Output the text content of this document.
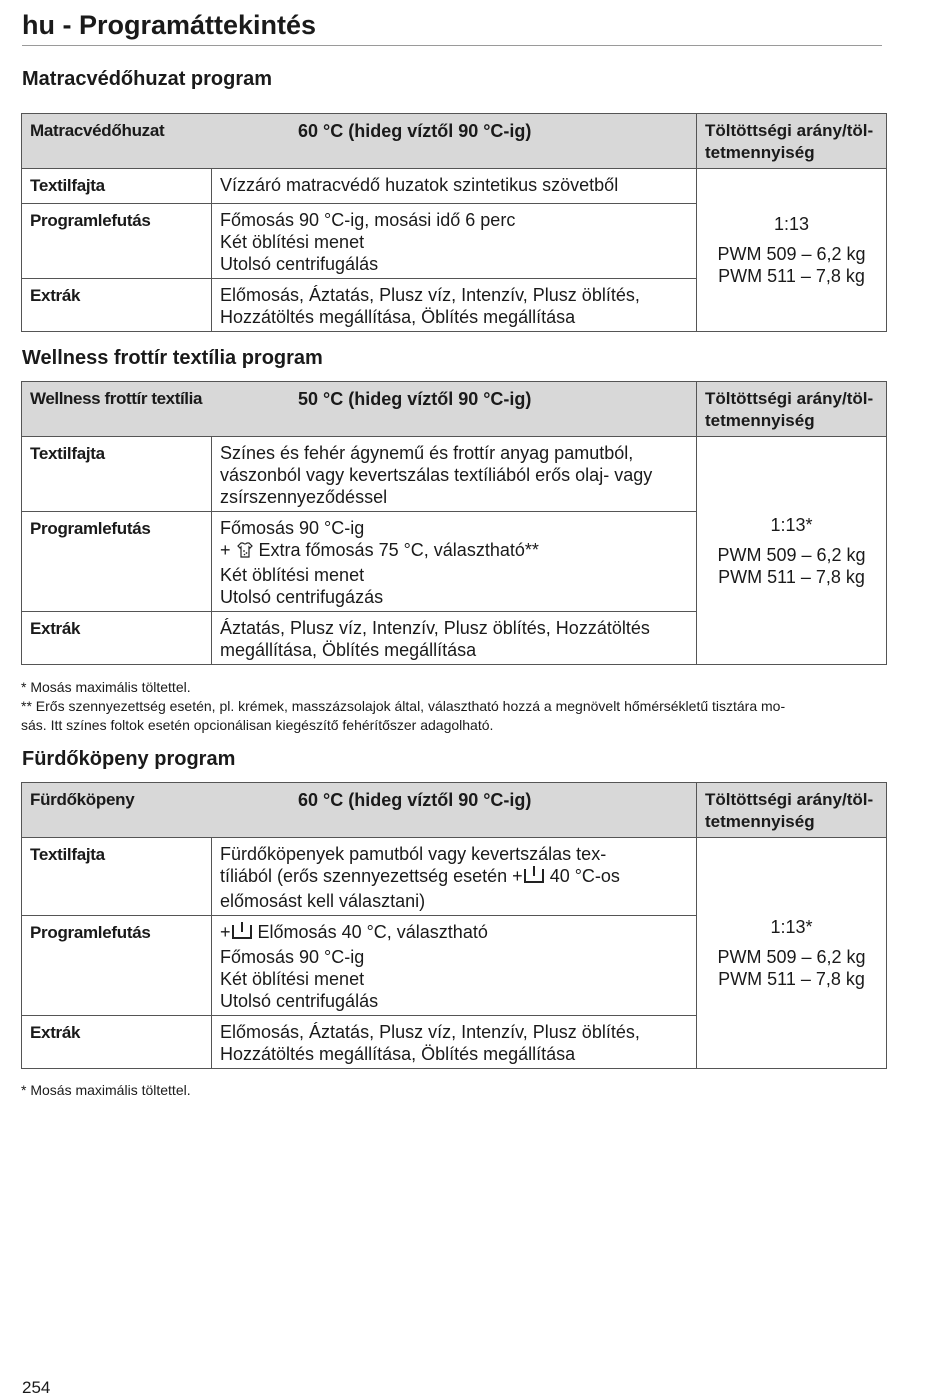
hu - Programáttekintés
Matracvédőhuzat program
Matracvédőhuzat 60 °C (hideg víztől 90 °C-ig)		Töltöttségi arány/töl-tetmennyiség
Textilfajta	Vízzáró matracvédő huzatok szintetikus szövetből	1:13
PWM 509 – 6,2 kg
PWM 511 – 7,8 kg

Programlefutás	Főmosás 90 °C-ig, mosási idő 6 perc
Két öblítési menet
Utolsó centrifugálás	

Extrák	Előmosás, Áztatás, Plusz víz, Intenzív, Plusz öblítés,
Hozzátöltés megállítása, Öblítés megállítása	
Wellness frottír textília program
Wellness frottír textília 50 °C (hideg víztől 90 °C-ig)		Töltöttségi arány/töl-tetmennyiség
Textilfajta	Színes és fehér ágynemű és frottír anyag pamutból,
vászonból vagy kevertszálas textíliából erős olaj- vagy
zsírszennyeződéssel	1:13*
PWM 509 – 6,2 kg
PWM 511 – 7,8 kg

Programlefutás	Főmosás 90 °C-ig
+  Extra főmosás 75 °C, választható**
Két öblítési menet
Utolsó centrifugázás	

Extrák	Áztatás, Plusz víz, Intenzív, Plusz öblítés, Hozzátöltés
megállítása, Öblítés megállítása	
* Mosás maximális töltettel.
** Erős szennyezettség esetén, pl. krémek, masszázsolajok által, választható hozzá a megnövelt hőmérsékletű tisztára mo-
sás. Itt színes foltok esetén opcionálisan kiegészítő fehérítőszer adagolható.
Fürdőköpeny program
Fürdőköpeny 60 °C (hideg víztől 90 °C-ig)		Töltöttségi arány/töl-tetmennyiség
Textilfajta	Fürdőköpenyek pamutból vagy kevertszálas tex-
tíliából (erős szennyezettség esetén + 40 °C-os
előmosást kell választani)	1:13*
PWM 509 – 6,2 kg
PWM 511 – 7,8 kg

Programlefutás	+ Előmosás 40 °C, választható
Főmosás 90 °C-ig
Két öblítési menet
Utolsó centrifugálás	

Extrák	Előmosás, Áztatás, Plusz víz, Intenzív, Plusz öblítés,
Hozzátöltés megállítása, Öblítés megállítása	
* Mosás maximális töltettel.
254
